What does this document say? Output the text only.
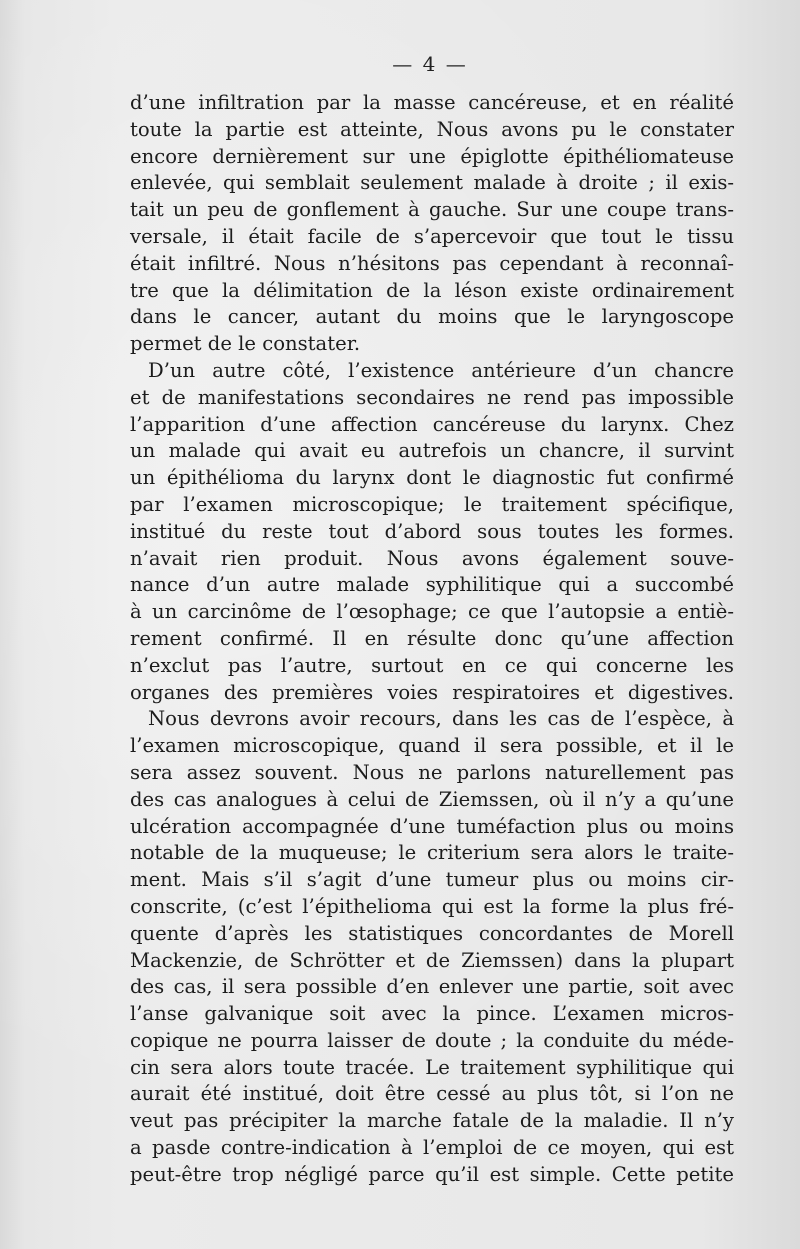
— 4 —
d’une infiltration par la masse cancéreuse, et en réalité
toute la partie est atteinte, Nous avons pu le constater
encore dernièrement sur une épiglotte épithéliomateuse
enlevée, qui semblait seulement malade à droite ; il exis-
tait un peu de gonflement à gauche. Sur une coupe trans-
versale, il était facile de s’apercevoir que tout le tissu
était infiltré. Nous n’hésitons pas cependant à reconnaî-
tre que la délimitation de la léson existe ordinairement
dans le cancer, autant du moins que le laryngoscope
permet de le constater.
D’un autre côté, l’existence antérieure d’un chancre
et de manifestations secondaires ne rend pas impossible
l’apparition d’une affection cancéreuse du larynx. Chez
un malade qui avait eu autrefois un chancre, il survint
un épithélioma du larynx dont le diagnostic fut confirmé
par l’examen microscopique; le traitement spécifique,
institué du reste tout d’abord sous toutes les formes.
n’avait rien produit. Nous avons également souve-
nance d’un autre malade syphilitique qui a succombé
à un carcinôme de l’œsophage; ce que l’autopsie a entiè-
rement confirmé. Il en résulte donc qu’une affection
n’exclut pas l’autre, surtout en ce qui concerne les
organes des premières voies respiratoires et digestives.
Nous devrons avoir recours, dans les cas de l’espèce, à
l’examen microscopique, quand il sera possible, et il le
sera assez souvent. Nous ne parlons naturellement pas
des cas analogues à celui de Ziemssen, où il n’y a qu’une
ulcération accompagnée d’une tuméfaction plus ou moins
notable de la muqueuse; le criterium sera alors le traite-
ment. Mais s’il s’agit d’une tumeur plus ou moins cir-
conscrite, (c’est l’épithelioma qui est la forme la plus fré-
quente d’après les statistiques concordantes de Morell
Mackenzie, de Schrötter et de Ziemssen) dans la plupart
des cas, il sera possible d’en enlever une partie, soit avec
l’anse galvanique soit avec la pince. L’examen micros-
copique ne pourra laisser de doute ; la conduite du méde-
cin sera alors toute tracée. Le traitement syphilitique qui
aurait été institué, doit être cessé au plus tôt, si l’on ne
veut pas précipiter la marche fatale de la maladie. Il n’y
a pasde contre-indication à l’emploi de ce moyen, qui est
peut-être trop négligé parce qu’il est simple. Cette petite
